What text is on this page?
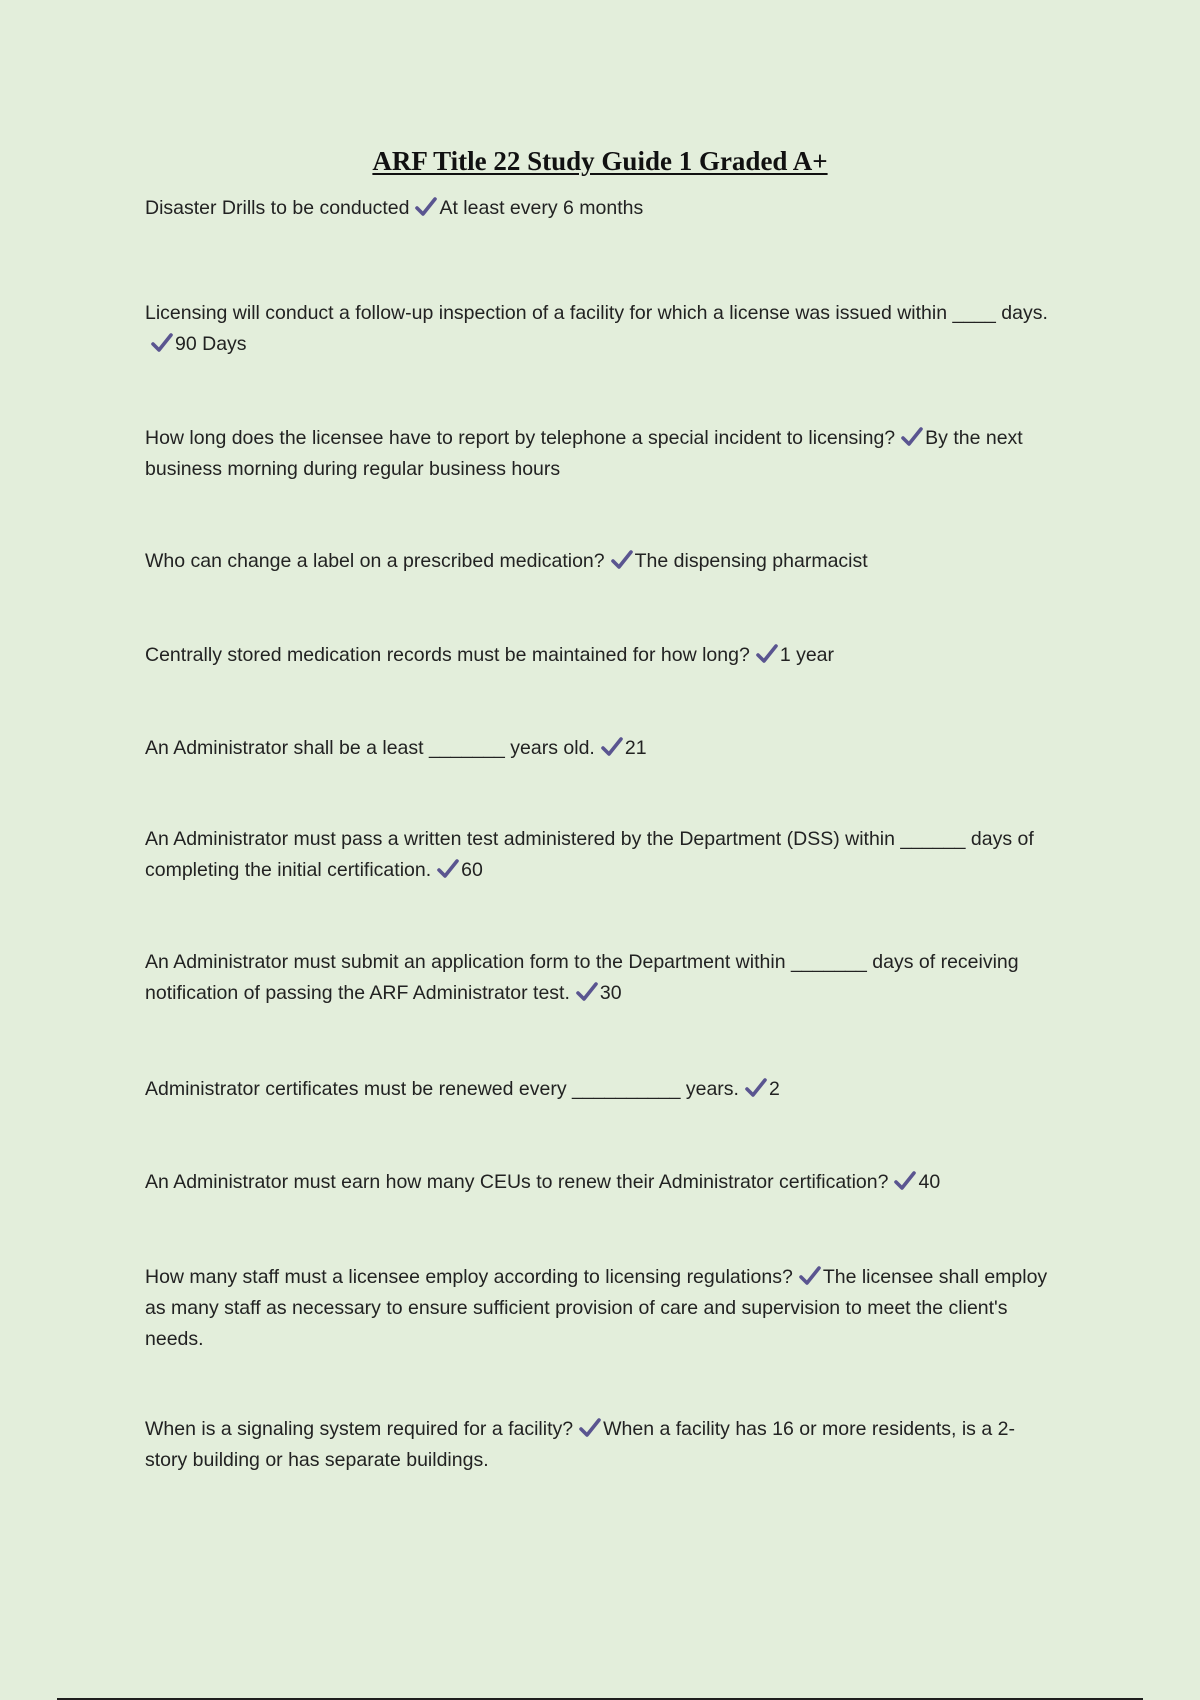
ARF Title 22 Study Guide 1 Graded A+

Disaster Drills to be conducted At least every 6 months

Licensing will conduct a follow-up inspection of a facility for which a license was issued within ____ days.
90 Days

How long does the licensee have to report by telephone a special incident to licensing? By the next business morning during regular business hours

Who can change a label on a prescribed medication? The dispensing pharmacist

Centrally stored medication records must be maintained for how long? 1 year

An Administrator shall be a least _______ years old. 21

An Administrator must pass a written test administered by the Department (DSS) within ______ days of completing the initial certification. 60

An Administrator must submit an application form to the Department within _______ days of receiving notification of passing the ARF Administrator test. 30

Administrator certificates must be renewed every __________ years. 2

An Administrator must earn how many CEUs to renew their Administrator certification? 40

How many staff must a licensee employ according to licensing regulations? The licensee shall employ as many staff as necessary to ensure sufficient provision of care and supervision to meet the client's needs.

When is a signaling system required for a facility? When a facility has 16 or more residents, is a 2-story building or has separate buildings.
